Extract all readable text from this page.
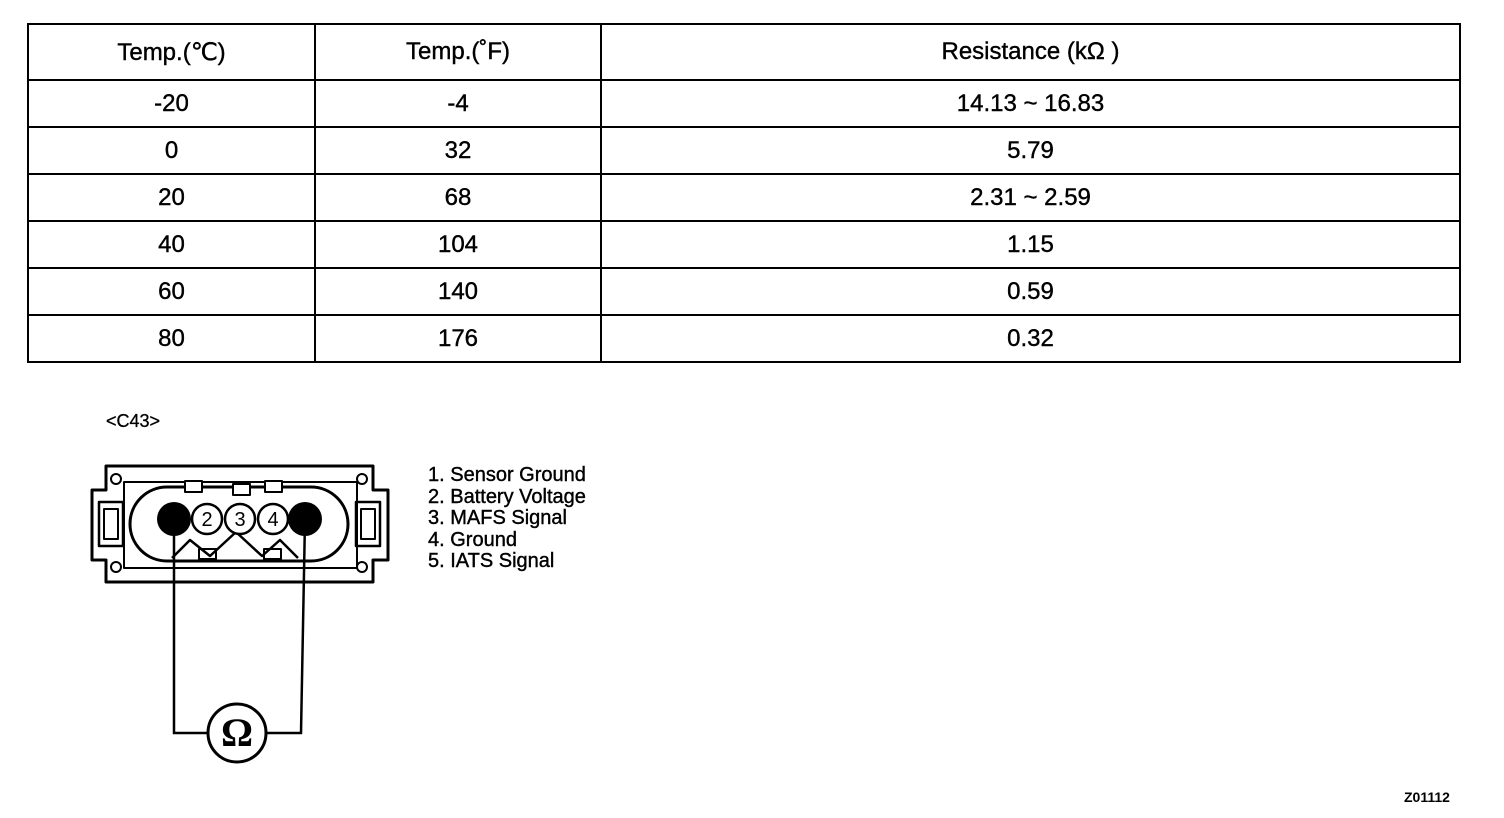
Temp.(℃)	Temp.(˚F)	Resistance (kΩ )
-20	-4	14.13 ~ 16.83
0	32	5.79
20	68	2.31 ~ 2.59
40	104	1.15
60	140	0.59
80	176	0.32
<C43>
2 3 4
Ω
1. Sensor Ground
2. Battery Voltage
3. MAFS Signal
4. Ground
5. IATS Signal
Z01112
